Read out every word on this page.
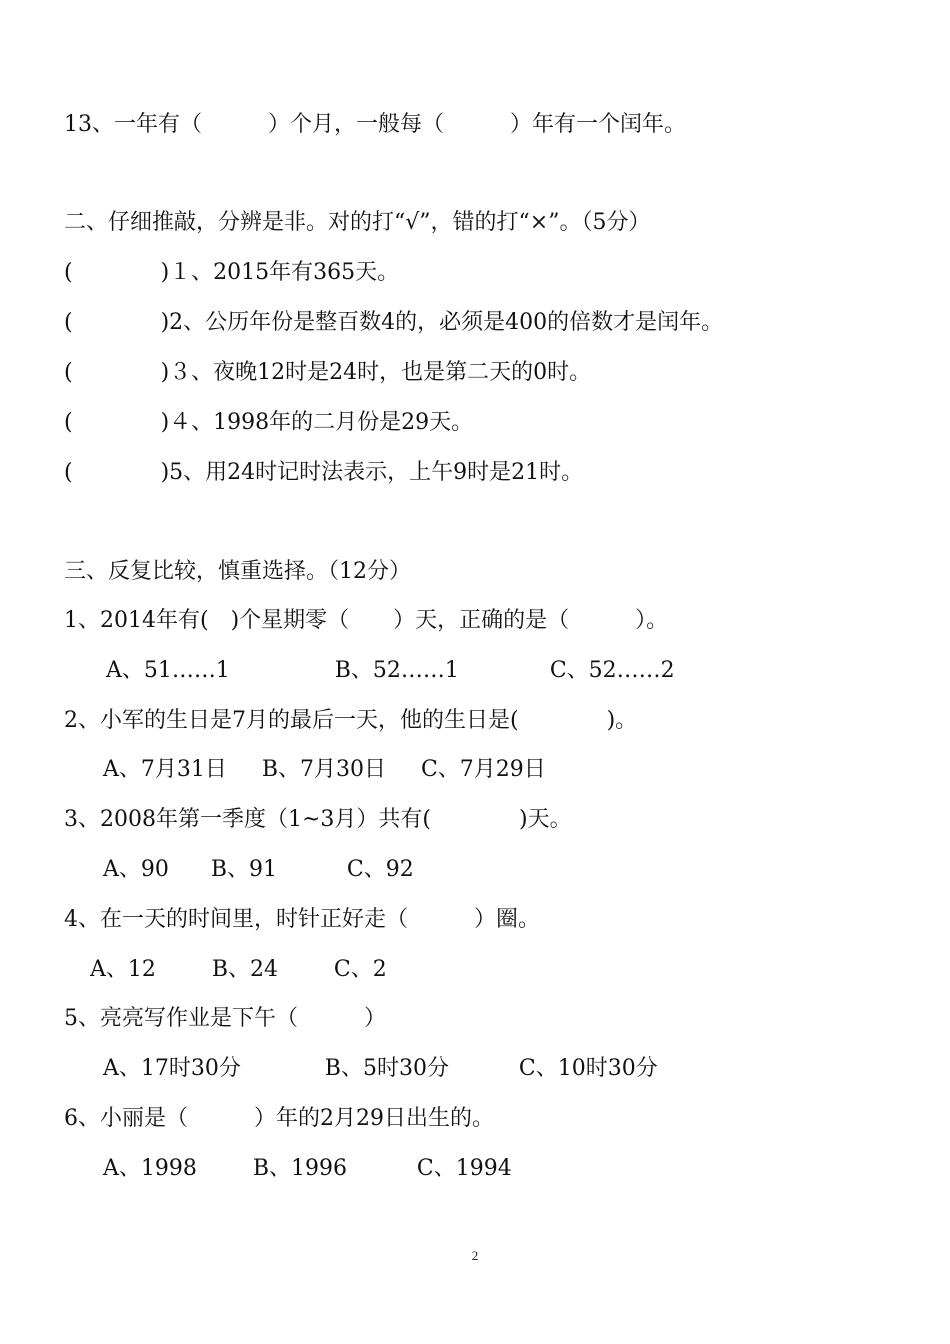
13、一年有（　　　）个月，一般每（　　　）年有一个闰年。
二、仔细推敲，分辨是非。对的打“√”，错的打“×”。（5分）
(　　　　)１、2015年有365天。
(　　　　)2、公历年份是整百数4的，必须是400的倍数才是闰年。
(　　　　)３、夜晚12时是24时，也是第二天的0时。
(　　　　)４、1998年的二月份是29天。
(　　　　)5、用24时记时法表示，上午9时是21时。
三、反复比较，慎重选择。（12分）
1、2014年有(　)个星期零（　　）天，正确的是（　　　）。
A、51……1               B、52……1             C、52……2
2、小军的生日是7月的最后一天，他的生日是(　　　　)。
A、7月31日     B、7月30日     C、7月29日
3、2008年第一季度（1~3月）共有(　　　　)天。
A、90      B、91          C、92
4、在一天的时间里，时针正好走（　　　）圈。
A、12        B、24        C、2
5、亮亮写作业是下午（　　　）
A、17时30分            B、5时30分          C、10时30分
6、小丽是（　　　）年的2月29日出生的。
A、1998        B、1996          C、1994
2
